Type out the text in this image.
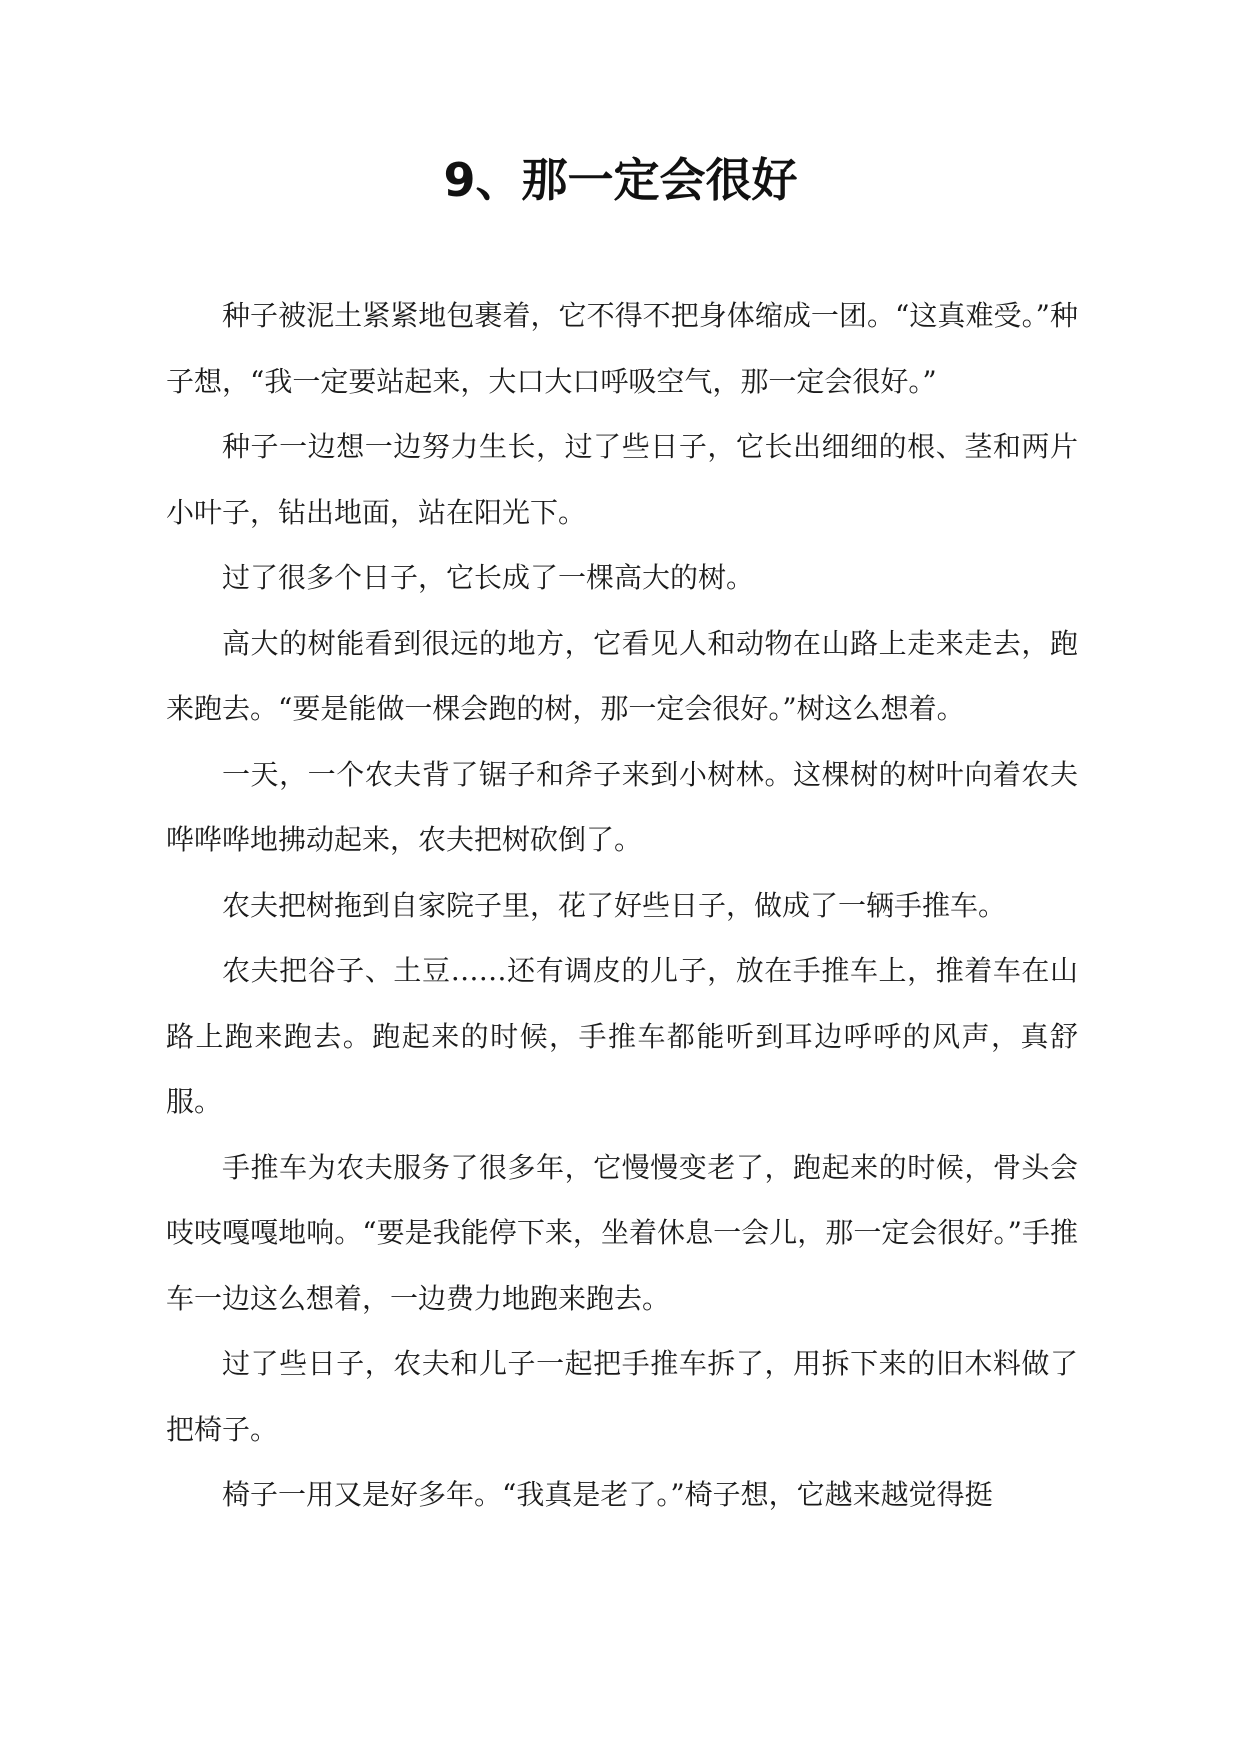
9、那一定会很好

种子被泥土紧紧地包裹着，它不得不把身体缩成一团。“这真难受。”种子想，“我一定要站起来，大口大口呼吸空气，那一定会很好。”

种子一边想一边努力生长，过了些日子，它长出细细的根、茎和两片小叶子，钻出地面，站在阳光下。

过了很多个日子，它长成了一棵高大的树。

高大的树能看到很远的地方，它看见人和动物在山路上走来走去，跑来跑去。“要是能做一棵会跑的树，那一定会很好。”树这么想着。

一天，一个农夫背了锯子和斧子来到小树林。这棵树的树叶向着农夫哗哗哗地拂动起来，农夫把树砍倒了。

农夫把树拖到自家院子里，花了好些日子，做成了一辆手推车。

农夫把谷子、土豆……还有调皮的儿子，放在手推车上，推着车在山路上跑来跑去。跑起来的时候，手推车都能听到耳边呼呼的风声，真舒服。

手推车为农夫服务了很多年，它慢慢变老了，跑起来的时候，骨头会吱吱嘎嘎地响。“要是我能停下来，坐着休息一会儿，那一定会很好。”手推车一边这么想着，一边费力地跑来跑去。

过了些日子，农夫和儿子一起把手推车拆了，用拆下来的旧木料做了把椅子。

椅子一用又是好多年。“我真是老了。”椅子想，它越来越觉得挺
